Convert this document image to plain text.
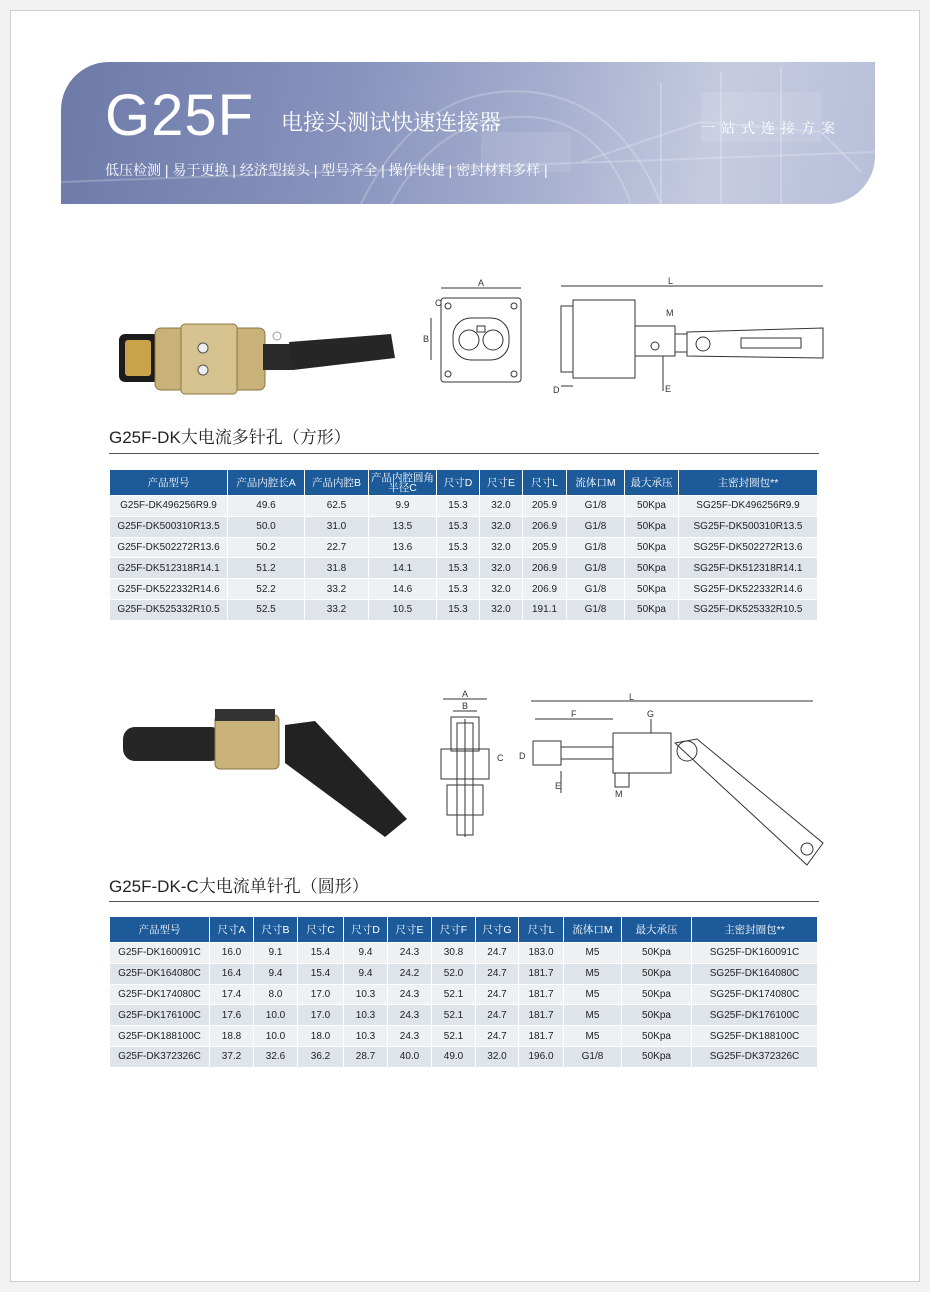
G25F 电接头测试快速连接器	一站式连接方案
低压检测 | 易于更换 | 经济型接头 | 型号齐全 | 操作快捷 | 密封材料多样 |
A
B
C
L
M
D	E
G25F-DK大电流多针孔（方形）
产品型号	产品内腔长A	产品内腔B	产品内腔圆角半径C	尺寸D	尺寸E	尺寸L	流体口M	最大承压	主密封圈包**
G25F-DK496256R9.9	49.6	62.5	9.9	15.3	32.0	205.9	G1/8	50Kpa	SG25F-DK496256R9.9
G25F-DK500310R13.5	50.0	31.0	13.5	15.3	32.0	206.9	G1/8	50Kpa	SG25F-DK500310R13.5
G25F-DK502272R13.6	50.2	22.7	13.6	15.3	32.0	205.9	G1/8	50Kpa	SG25F-DK502272R13.6
G25F-DK512318R14.1	51.2	31.8	14.1	15.3	32.0	206.9	G1/8	50Kpa	SG25F-DK512318R14.1
G25F-DK522332R14.6	52.2	33.2	14.6	15.3	32.0	206.9	G1/8	50Kpa	SG25F-DK522332R14.6
G25F-DK525332R10.5	52.5	33.2	10.5	15.3	32.0	191.1	G1/8	50Kpa	SG25F-DK525332R10.5
A
B
C
L
F	G
D
E
M
G25F-DK-C大电流单针孔（圆形）
产品型号	尺寸A	尺寸B	尺寸C	尺寸D	尺寸E	尺寸F	尺寸G	尺寸L	流体口M	最大承压	主密封圈包**
G25F-DK160091C	16.0	9.1	15.4	9.4	24.3	30.8	24.7	183.0	M5	50Kpa	SG25F-DK160091C
G25F-DK164080C	16.4	9.4	15.4	9.4	24.2	52.0	24.7	181.7	M5	50Kpa	SG25F-DK164080C
G25F-DK174080C	17.4	8.0	17.0	10.3	24.3	52.1	24.7	181.7	M5	50Kpa	SG25F-DK174080C
G25F-DK176100C	17.6	10.0	17.0	10.3	24.3	52.1	24.7	181.7	M5	50Kpa	SG25F-DK176100C
G25F-DK188100C	18.8	10.0	18.0	10.3	24.3	52.1	24.7	181.7	M5	50Kpa	SG25F-DK188100C
G25F-DK372326C	37.2	32.6	36.2	28.7	40.0	49.0	32.0	196.0	G1/8	50Kpa	SG25F-DK372326C
